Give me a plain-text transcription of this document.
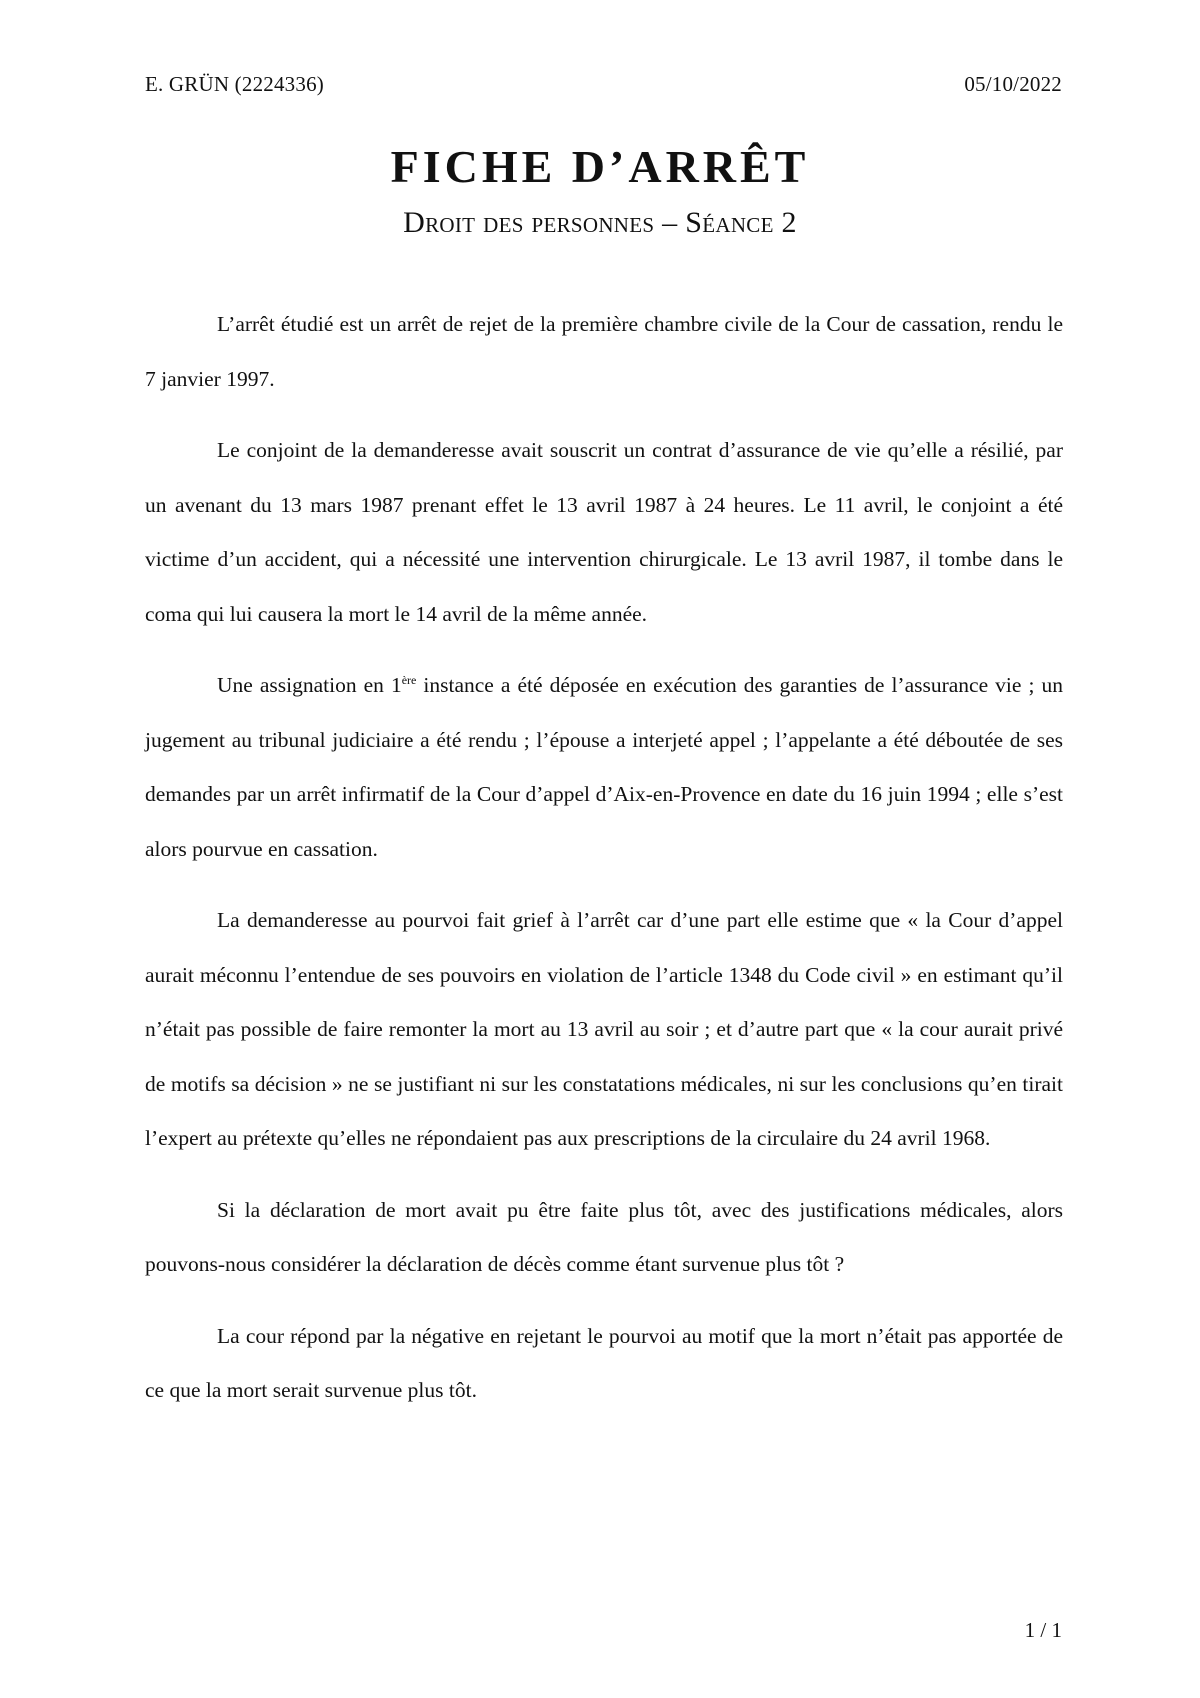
E. GRÜN (2224336)	05/10/2022
FICHE D’ARRÊT
Droit des personnes – Séance 2

L’arrêt étudié est un arrêt de rejet de la première chambre civile de la Cour de cassation, rendu le 7 janvier 1997.

Le conjoint de la demanderesse avait souscrit un contrat d’assurance de vie qu’elle a résilié, par un avenant du 13 mars 1987 prenant effet le 13 avril 1987 à 24 heures. Le 11 avril, le conjoint a été victime d’un accident, qui a nécessité une intervention chirurgicale. Le 13 avril 1987, il tombe dans le coma qui lui causera la mort le 14 avril de la même année.

Une assignation en 1ère instance a été déposée en exécution des garanties de l’assurance vie ; un jugement au tribunal judiciaire a été rendu ; l’épouse a interjeté appel ; l’appelante a été déboutée de ses demandes par un arrêt infirmatif de la Cour d’appel d’Aix-en-Provence en date du 16 juin 1994 ; elle s’est alors pourvue en cassation.

La demanderesse au pourvoi fait grief à l’arrêt car d’une part elle estime que « la Cour d’appel aurait méconnu l’entendue de ses pouvoirs en violation de l’article 1348 du Code civil » en estimant qu’il n’était pas possible de faire remonter la mort au 13 avril au soir ; et d’autre part que « la cour aurait privé de motifs sa décision » ne se justifiant ni sur les constatations médicales, ni sur les conclusions qu’en tirait l’expert au prétexte qu’elles ne répondaient pas aux prescriptions de la circulaire du 24 avril 1968.

Si la déclaration de mort avait pu être faite plus tôt, avec des justifications médicales, alors pouvons-nous considérer la déclaration de décès comme étant survenue plus tôt ?

La cour répond par la négative en rejetant le pourvoi au motif que la mort n’était pas apportée de ce que la mort serait survenue plus tôt.

1 / 1
